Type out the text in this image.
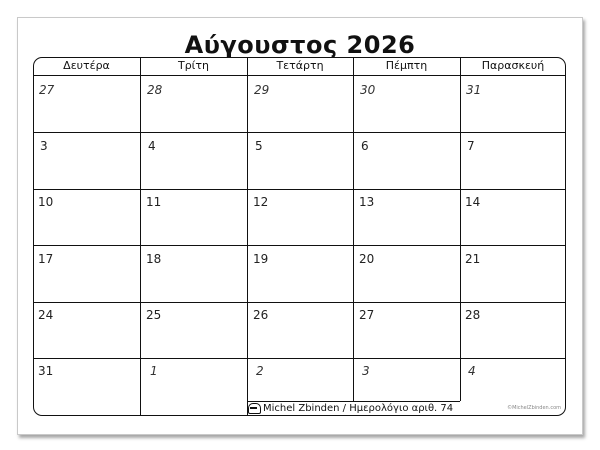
Αύγουστος 2026
Δευτέρα	Τρίτη	Τετάρτη	Πέμπτη	Παρασκευή
27	28	29	30	31
3	4	5	6	7
10	11	12	13	14
17	18	19	20	21
24	25	26	27	28
31	1	2	3	4
Michel Zbinden / Ημερολόγιο αριθ. 74	©MichelZbinden.com
